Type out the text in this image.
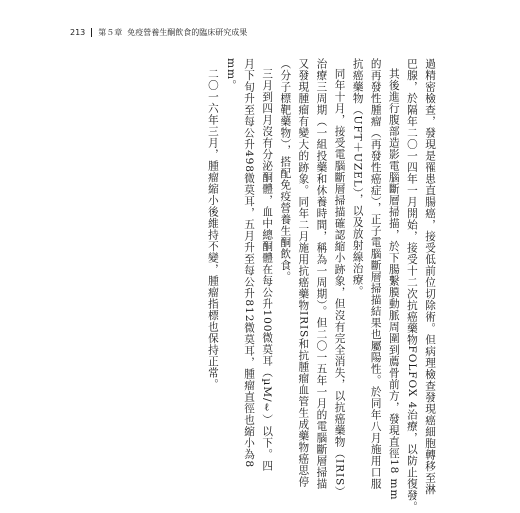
213	第５章 免疫營養生酮飲食的臨床研究成果
過精密檢查，發現是罹患直腸癌，接受低前位切除術。但病理檢查發現癌細胞轉移至淋
巴腺，於隔年二〇一四年一月開始，接受十二次抗癌藥物FOLFOX 4治療，以防止復發。
其後進行腹部造影電腦斷層掃描，於下腸繫膜動脈周圍到薦骨前方，發現直徑18 mm
的再發性腫瘤（再發性癌症），正子電腦斷層掃描結果也屬陽性。於同年八月施用口服
抗癌藥物（UFT＋UZEL），以及放射線治療。
同年十月，接受電腦斷層掃描確認縮小跡象，但沒有完全消失，以抗癌藥物（IRIS）
治療三周期（一組投藥和休養時間，稱為一周期）。但二〇一五年一月的電腦斷層掃描
又發現腫瘤有變大的跡象。同年二月施用抗癌藥物IRIS和抗腫瘤血管生成藥物癌思停
（分子標靶藥物），搭配免疫營養生酮飲食。
三月到四月沒有分泌酮體，血中總酮體在每公升100微莫耳（µM/ℓ）以下。四
月下旬升至每公升498微莫耳，五月升至每公升812微莫耳，腫瘤直徑也縮小為8
mm。
二〇一六年三月，腫瘤縮小後維持不變，腫瘤指標也保持正常。
